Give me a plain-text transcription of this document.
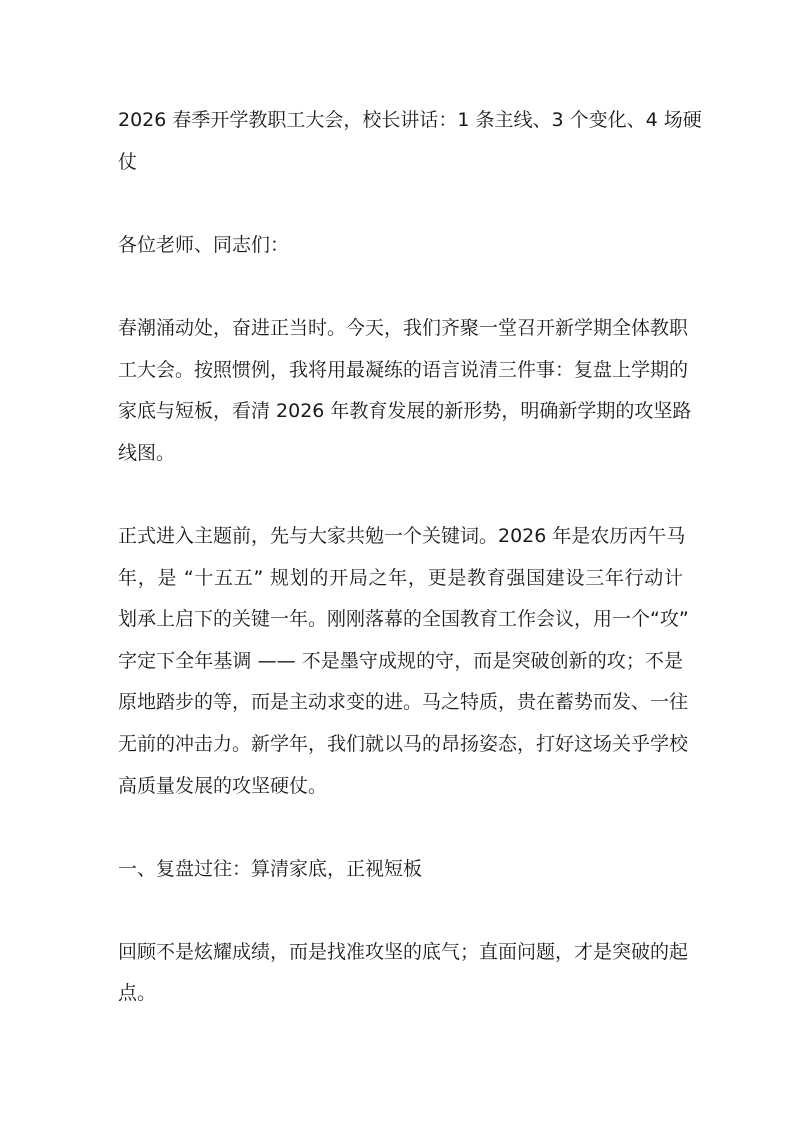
2026 春季开学教职工大会，校长讲话：1 条主线、3 个变化、4 场硬
仗
各位老师、同志们：
春潮涌动处，奋进正当时。今天，我们齐聚一堂召开新学期全体教职
工大会。按照惯例，我将用最凝练的语言说清三件事：复盘上学期的
家底与短板，看清 2026 年教育发展的新形势，明确新学期的攻坚路
线图。
正式进入主题前，先与大家共勉一个关键词。2026 年是农历丙午马
年，是 “十五五” 规划的开局之年，更是教育强国建设三年行动计
划承上启下的关键一年。刚刚落幕的全国教育工作会议，用一个“攻”
字定下全年基调 —— 不是墨守成规的守，而是突破创新的攻；不是
原地踏步的等，而是主动求变的进。马之特质，贵在蓄势而发、一往
无前的冲击力。新学年，我们就以马的昂扬姿态，打好这场关乎学校
高质量发展的攻坚硬仗。
一、复盘过往：算清家底，正视短板
回顾不是炫耀成绩，而是找准攻坚的底气；直面问题，才是突破的起
点。
